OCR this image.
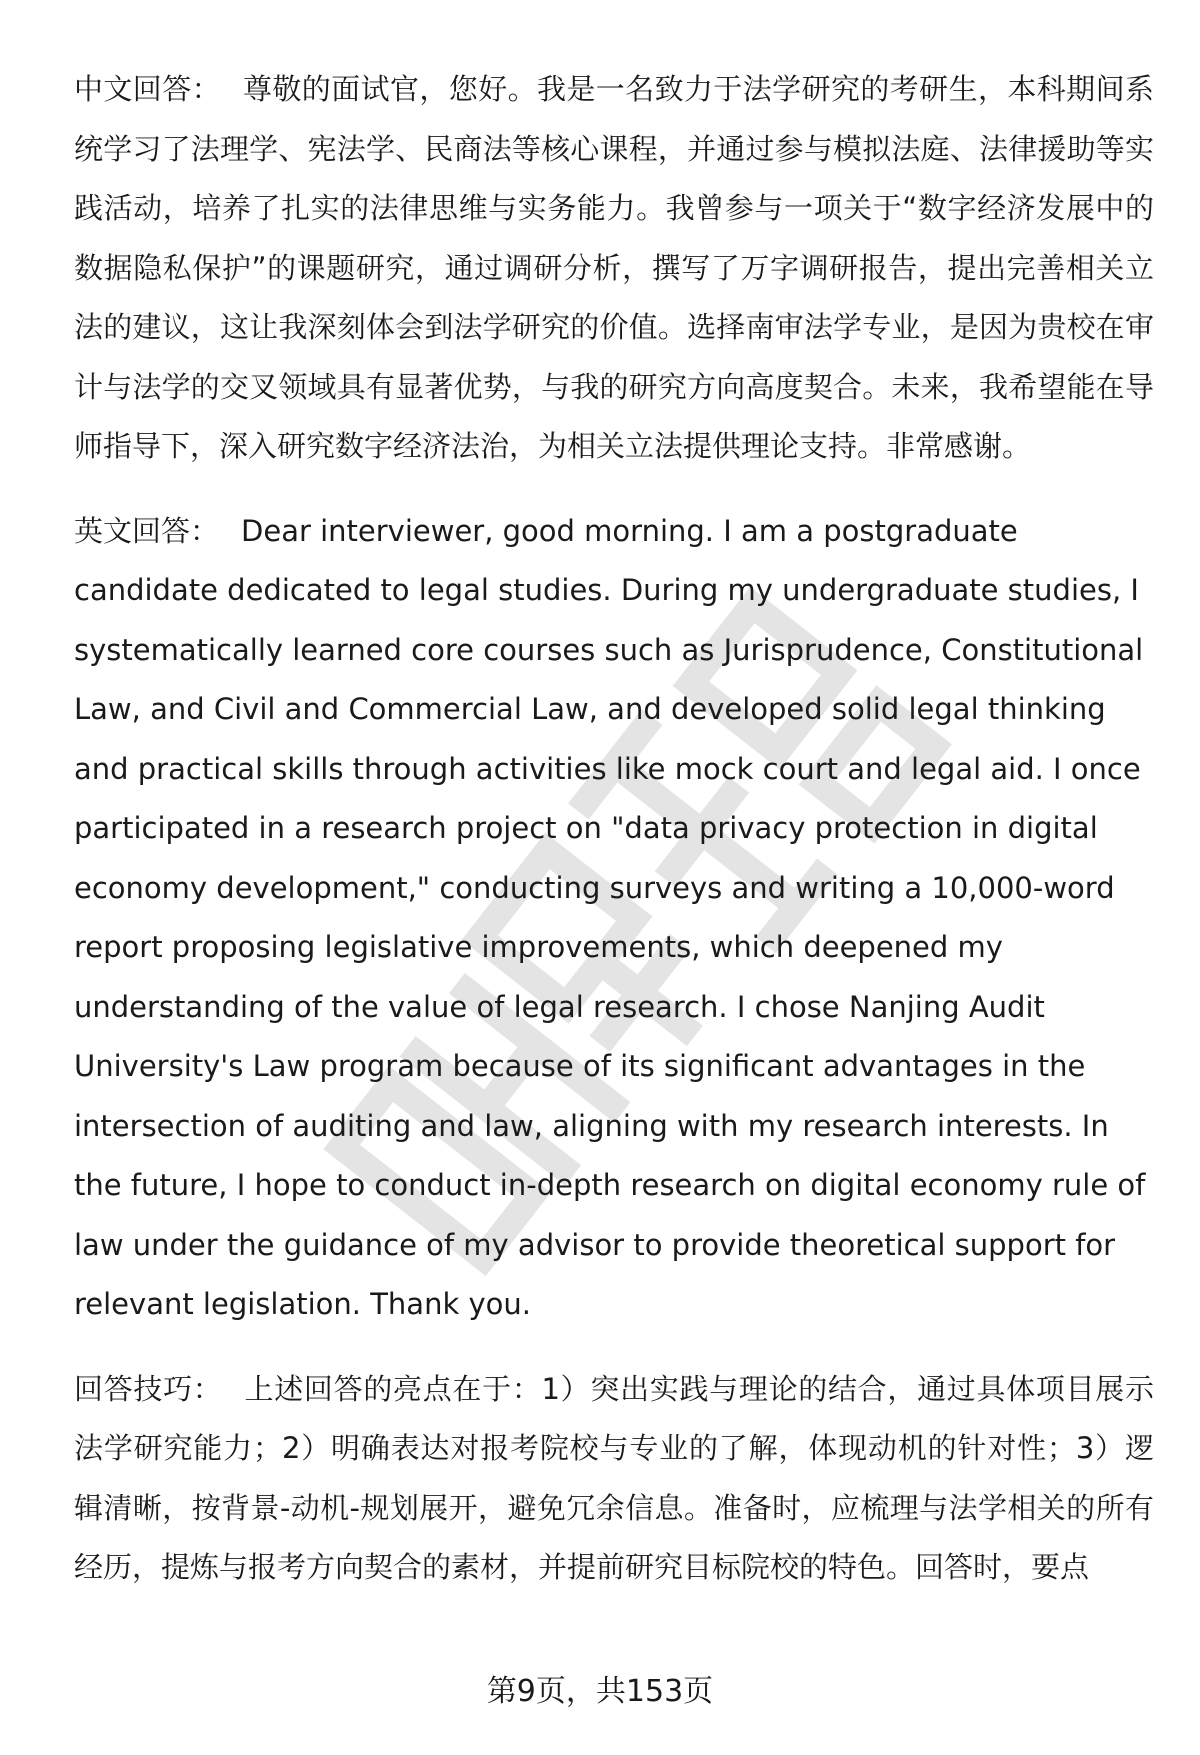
中文回答： 尊敬的面试官，您好。我是一名致力于法学研究的考研生，本科期间系统学习了法理学、宪法学、民商法等核心课程，并通过参与模拟法庭、法律援助等实践活动，培养了扎实的法律思维与实务能力。我曾参与一项关于“数字经济发展中的数据隐私保护”的课题研究，通过调研分析，撰写了万字调研报告，提出完善相关立法的建议，这让我深刻体会到法学研究的价值。选择南审法学专业，是因为贵校在审计与法学的交叉领域具有显著优势，与我的研究方向高度契合。未来，我希望能在导师指导下，深入研究数字经济法治，为相关立法提供理论支持。非常感谢。

英文回答： Dear interviewer, good morning. I am a postgraduate candidate dedicated to legal studies. During my undergraduate studies, I systematically learned core courses such as Jurisprudence, Constitutional Law, and Civil and Commercial Law, and developed solid legal thinking and practical skills through activities like mock court and legal aid. I once participated in a research project on "data privacy protection in digital economy development," conducting surveys and writing a 10,000-word report proposing legislative improvements, which deepened my understanding of the value of legal research. I chose Nanjing Audit University's Law program because of its significant advantages in the intersection of auditing and law, aligning with my research interests. In the future, I hope to conduct in-depth research on digital economy rule of law under the guidance of my advisor to provide theoretical support for relevant legislation. Thank you.

回答技巧： 上述回答的亮点在于：1）突出实践与理论的结合，通过具体项目展示法学研究能力；2）明确表达对报考院校与专业的了解，体现动机的针对性；3）逻辑清晰，按背景-动机-规划展开，避免冗余信息。准备时，应梳理与法学相关的所有经历，提炼与报考方向契合的素材，并提前研究目标院校的特色。回答时，要点

第9页，共153页
